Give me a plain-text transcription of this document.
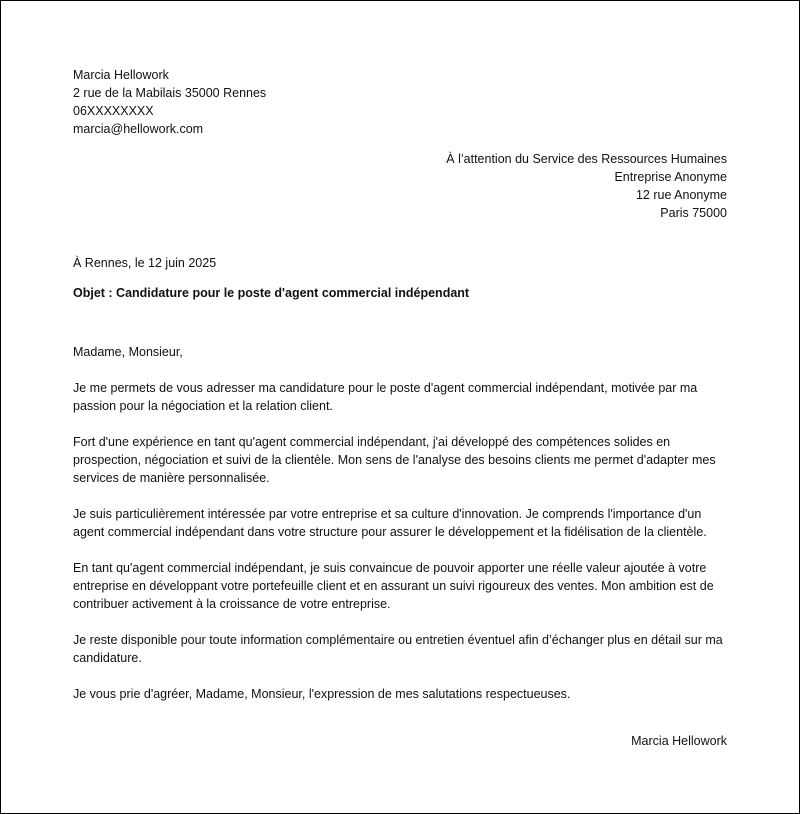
Marcia Hellowork
2 rue de la Mabilais 35000 Rennes
06XXXXXXXX
marcia@hellowork.com
À l’attention du Service des Ressources Humaines
Entreprise Anonyme
12 rue Anonyme
Paris 75000
À Rennes, le 12 juin 2025
Objet : Candidature pour le poste d'agent commercial indépendant

Madame, Monsieur,

Je me permets de vous adresser ma candidature pour le poste d'agent commercial indépendant, motivée par ma passion pour la négociation et la relation client.

Fort d'une expérience en tant qu'agent commercial indépendant, j'ai développé des compétences solides en prospection, négociation et suivi de la clientèle. Mon sens de l'analyse des besoins clients me permet d'adapter mes services de manière personnalisée.

Je suis particulièrement intéressée par votre entreprise et sa culture d'innovation. Je comprends l'importance d'un agent commercial indépendant dans votre structure pour assurer le développement et la fidélisation de la clientèle.

En tant qu'agent commercial indépendant, je suis convaincue de pouvoir apporter une réelle valeur ajoutée à votre entreprise en développant votre portefeuille client et en assurant un suivi rigoureux des ventes. Mon ambition est de contribuer activement à la croissance de votre entreprise.

Je reste disponible pour toute information complémentaire ou entretien éventuel afin d’échanger plus en détail sur ma candidature.

Je vous prie d'agréer, Madame, Monsieur, l'expression de mes salutations respectueuses.

Marcia Hellowork
